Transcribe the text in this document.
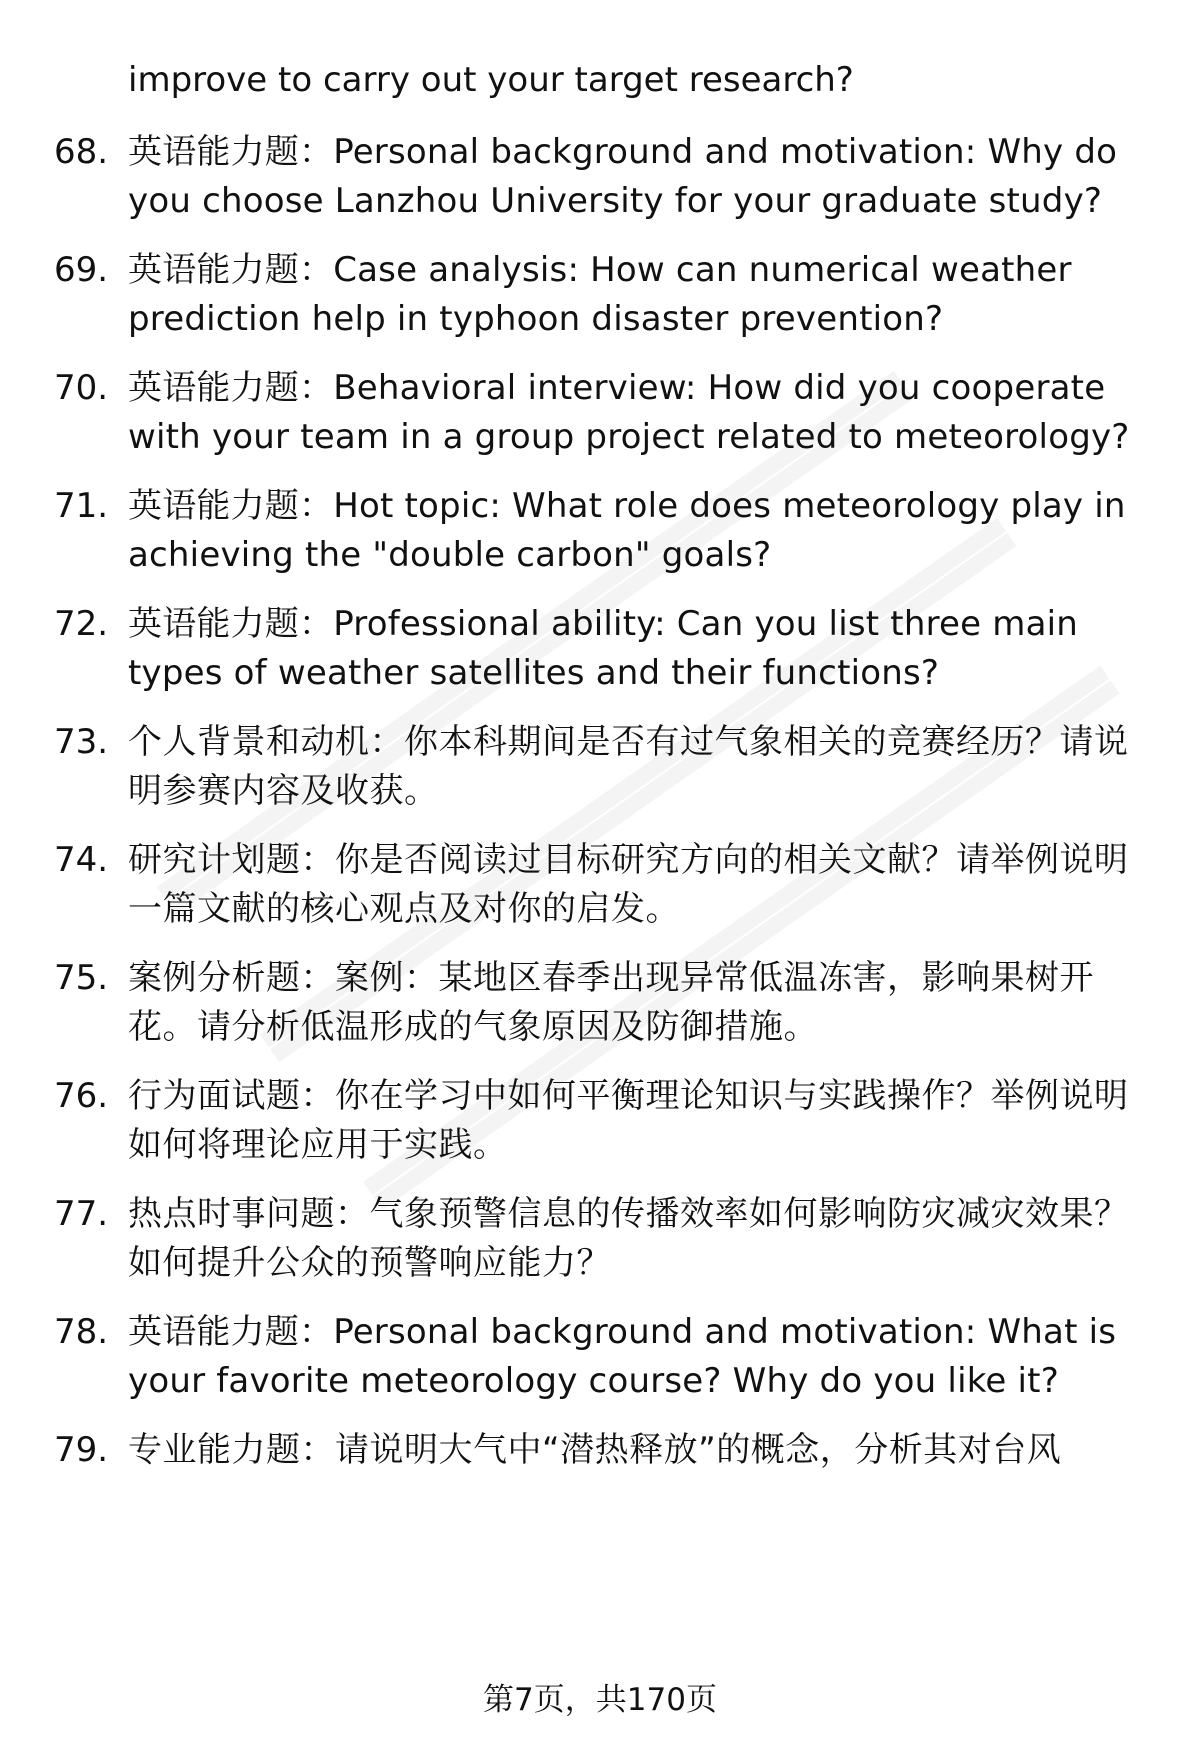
improve to carry out your target research?
68. 英语能力题：Personal background and motivation: Why do you choose Lanzhou University for your graduate study?
69. 英语能力题：Case analysis: How can numerical weather prediction help in typhoon disaster prevention?
70. 英语能力题：Behavioral interview: How did you cooperate with your team in a group project related to meteorology?
71. 英语能力题：Hot topic: What role does meteorology play in achieving the "double carbon" goals?
72. 英语能力题：Professional ability: Can you list three main types of weather satellites and their functions?
73. 个人背景和动机：你本科期间是否有过气象相关的竞赛经历？请说明参赛内容及收获。
74. 研究计划题：你是否阅读过目标研究方向的相关文献？请举例说明一篇文献的核心观点及对你的启发。
75. 案例分析题：案例：某地区春季出现异常低温冻害，影响果树开花。请分析低温形成的气象原因及防御措施。
76. 行为面试题：你在学习中如何平衡理论知识与实践操作？举例说明如何将理论应用于实践。
77. 热点时事问题：气象预警信息的传播效率如何影响防灾减灾效果？如何提升公众的预警响应能力？
78. 英语能力题：Personal background and motivation: What is your favorite meteorology course? Why do you like it?
79. 专业能力题：请说明大气中“潜热释放”的概念，分析其对台风
第7页，共170页
